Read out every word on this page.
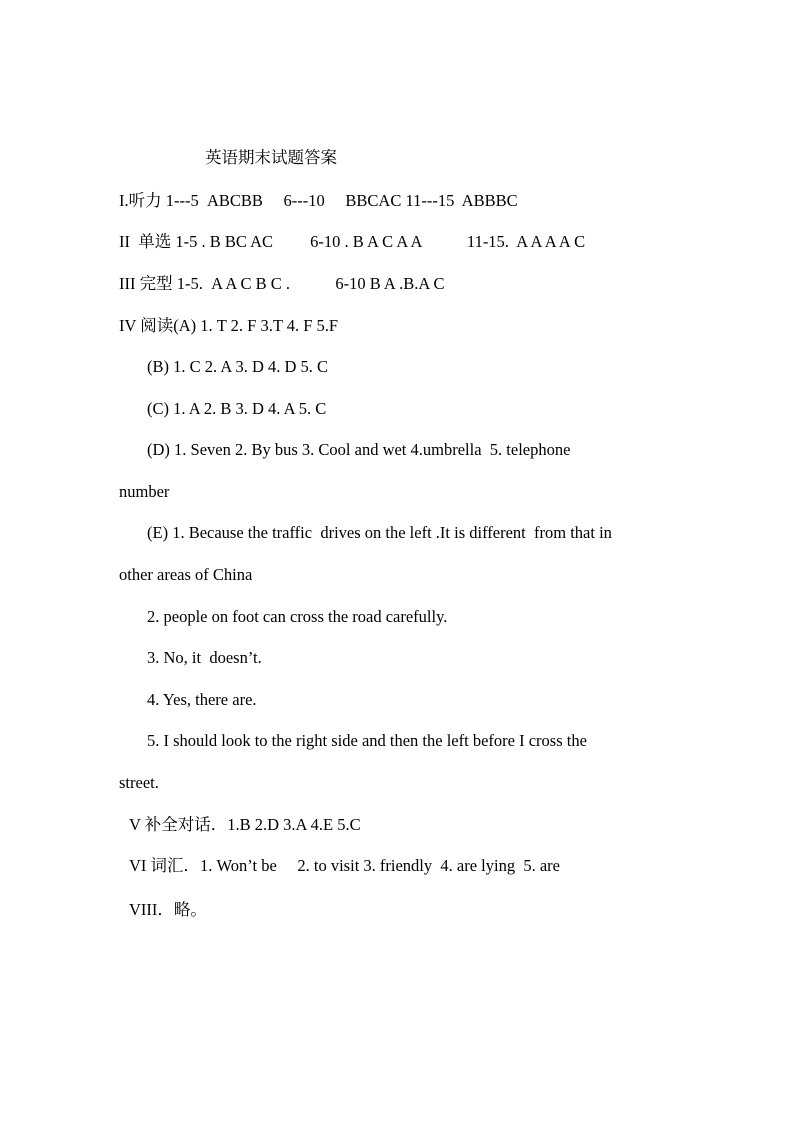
英语期末试题答案
I.听力 1---5  ABCBB     6---10     BBCAC 11---15  ABBBC
II  单选 1-5 . B BC AC         6-10 . B A C A A           11-15.  A A A A C
III 完型 1-5.  A A C B C .           6-10 B A .B.A C
IV 阅读(A) 1. T 2. F 3.T 4. F 5.F
(B) 1. C 2. A 3. D 4. D 5. C
(C) 1. A 2. B 3. D 4. A 5. C
(D) 1. Seven 2. By bus 3. Cool and wet 4.umbrella  5. telephone
number
(E) 1. Because the traffic  drives on the left .It is different  from that in
other areas of China
2. people on foot can cross the road carefully.
3. No, it  doesn’t.
4. Yes, there are.
5. I should look to the right side and then the left before I cross the
street.
V 补全对话．1.B 2.D 3.A 4.E 5.C
VI 词汇．1. Won’t be     2. to visit 3. friendly  4. are lying  5. are
VIII．略。
